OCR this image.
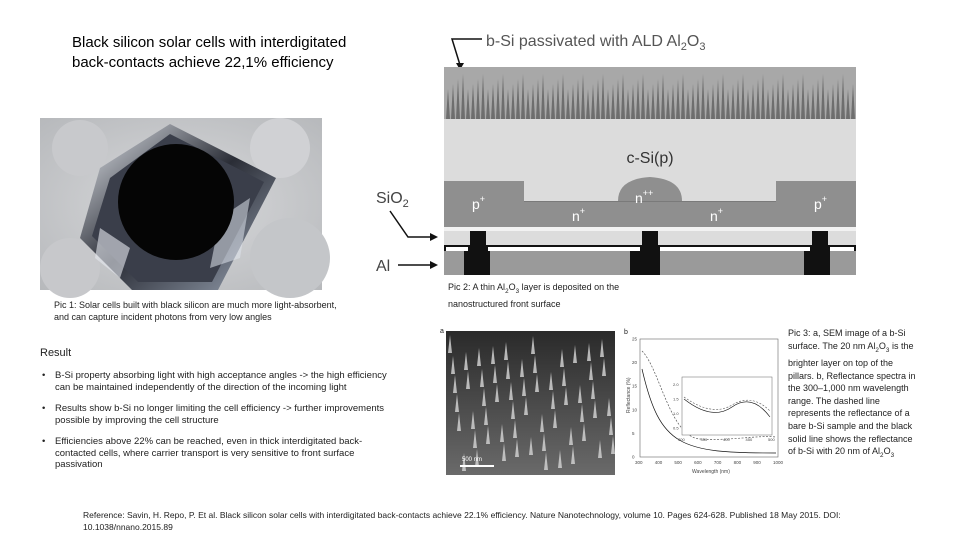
Black silicon solar cells with interdigitated back-contacts achieve 22,1% efficiency
Pic 1: Solar cells built with black silicon are much more light-absorbent, and can capture incident photons from very low angles
Result
• B-Si property absorbing light with high acceptance angles -> the high efficiency can be maintained independently of the direction of the incoming light
• Results show b-Si no longer limiting the cell efficiency -> further improvements possible by improving the cell structure
• Efficiencies above 22% can be reached, even in thick interdigitated back-contacted cells, where carrier transport is very sensitive to front surface passivation
b-Si passivated with ALD $Al_2O_3$
c-Si(p)
p+	p+
n+	n+
n++
SiO$_2$
Al
Pic 2: A thin $Al_2O_3$ layer is deposited on the nanostructured front surface
500 nm
a	b
300	400	500	600	700	800	900	1000
0
5
10
15
20
25
300	350	400	450	500
0.5
1.0
1.5
2.0
Reflectance (%)
Wavelength (nm)
Pic 3: a, SEM image of a b-Si surface. The 20 nm $Al_2O_3$ is the brighter layer on top of the pillars. b, Reflectance spectra in the 300–1,000 nm wavelength range. The dashed line represents the reflectance of a bare b-Si sample and the black solid line shows the reflectance of b-Si with 20 nm of $Al_2O_3$
Reference: Savin, H. Repo, P. Et al. Black silicon solar cells with interdigitated back-contacts achieve 22.1% efficiency. Nature Nanotechnology, volume 10. Pages 624-628. Published 18 May 2015. DOI: 10.1038/nnano.2015.89
